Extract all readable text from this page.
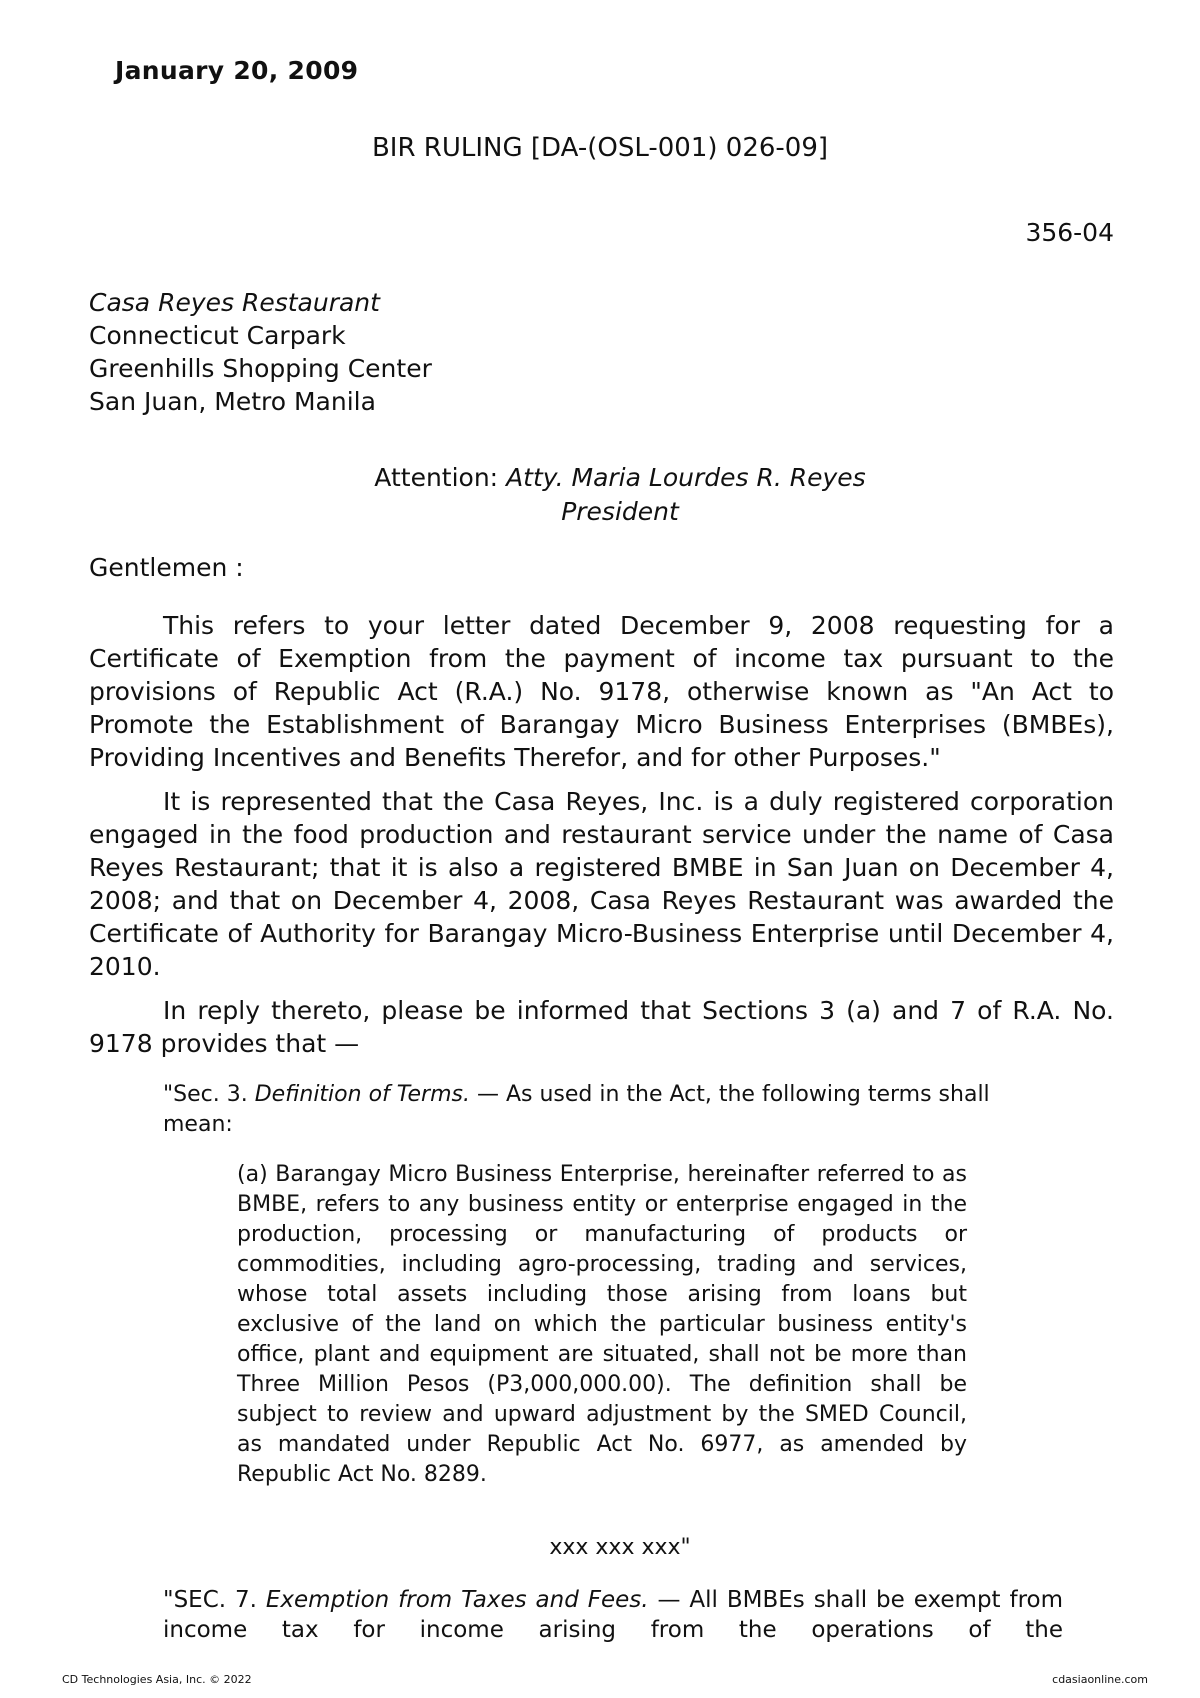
January 20, 2009
BIR RULING [DA-(OSL-001) 026-09]
356-04
Casa Reyes Restaurant
Connecticut Carpark
Greenhills Shopping Center
San Juan, Metro Manila
Attention: Atty. Maria Lourdes R. Reyes
President
Gentlemen :

This refers to your letter dated December 9, 2008 requesting for a Certificate of Exemption from the payment of income tax pursuant to the provisions of Republic Act (R.A.) No. 9178, otherwise known as "An Act to Promote the Establishment of Barangay Micro Business Enterprises (BMBEs), Providing Incentives and Benefits Therefor, and for other Purposes."

It is represented that the Casa Reyes, Inc. is a duly registered corporation engaged in the food production and restaurant service under the name of Casa Reyes Restaurant; that it is also a registered BMBE in San Juan on December 4, 2008; and that on December 4, 2008, Casa Reyes Restaurant was awarded the Certificate of Authority for Barangay Micro-Business Enterprise until December 4, 2010.

In reply thereto, please be informed that Sections 3 (a) and 7 of R.A. No. 9178 provides that —

"Sec. 3. Definition of Terms. — As used in the Act, the following terms shall mean:

(a) Barangay Micro Business Enterprise, hereinafter referred to as BMBE, refers to any business entity or enterprise engaged in the production, processing or manufacturing of products or commodities, including agro-processing, trading and services, whose total assets including those arising from loans but exclusive of the land on which the particular business entity's office, plant and equipment are situated, shall not be more than Three Million Pesos (P3,000,000.00). The definition shall be subject to review and upward adjustment by the SMED Council, as mandated under Republic Act No. 6977, as amended by Republic Act No. 8289.

xxx xxx xxx"

"SEC. 7. Exemption from Taxes and Fees. — All BMBEs shall be exempt from income tax for income arising from the operations of the

CD Technologies Asia, Inc. © 2022	cdasiaonline.com
